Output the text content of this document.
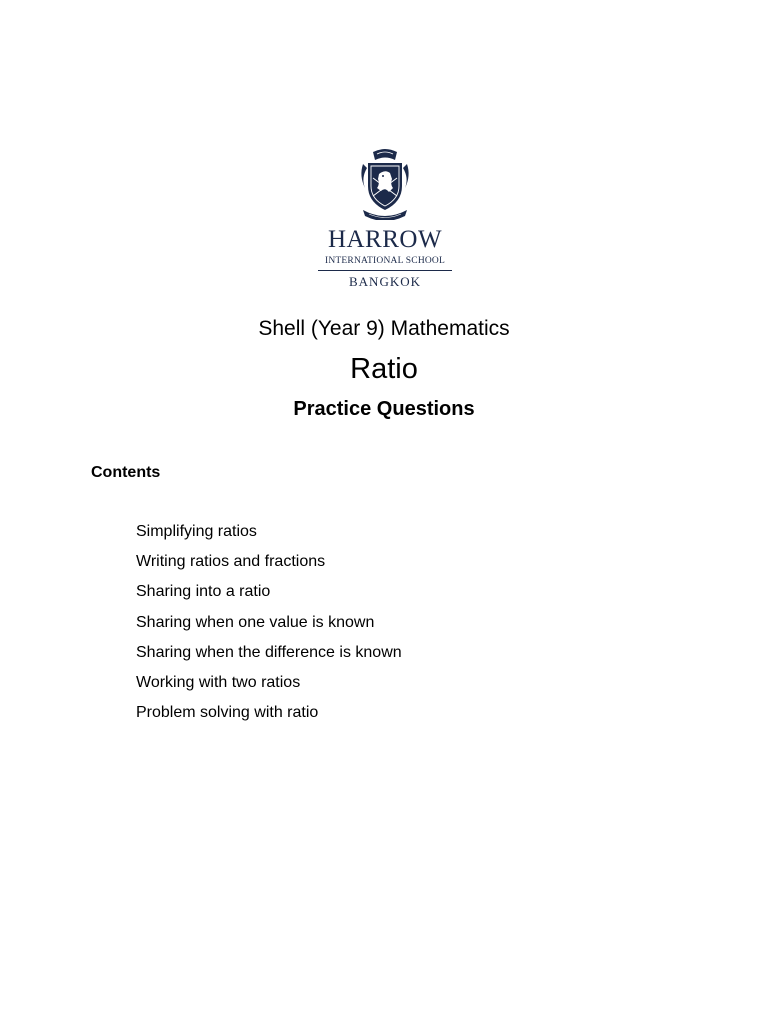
HARROW
INTERNATIONAL SCHOOL
BANGKOK
Shell (Year 9) Mathematics
Ratio
Practice Questions
Contents
Simplifying ratios
Writing ratios and fractions
Sharing into a ratio
Sharing when one value is known
Sharing when the difference is known
Working with two ratios
Problem solving with ratio
